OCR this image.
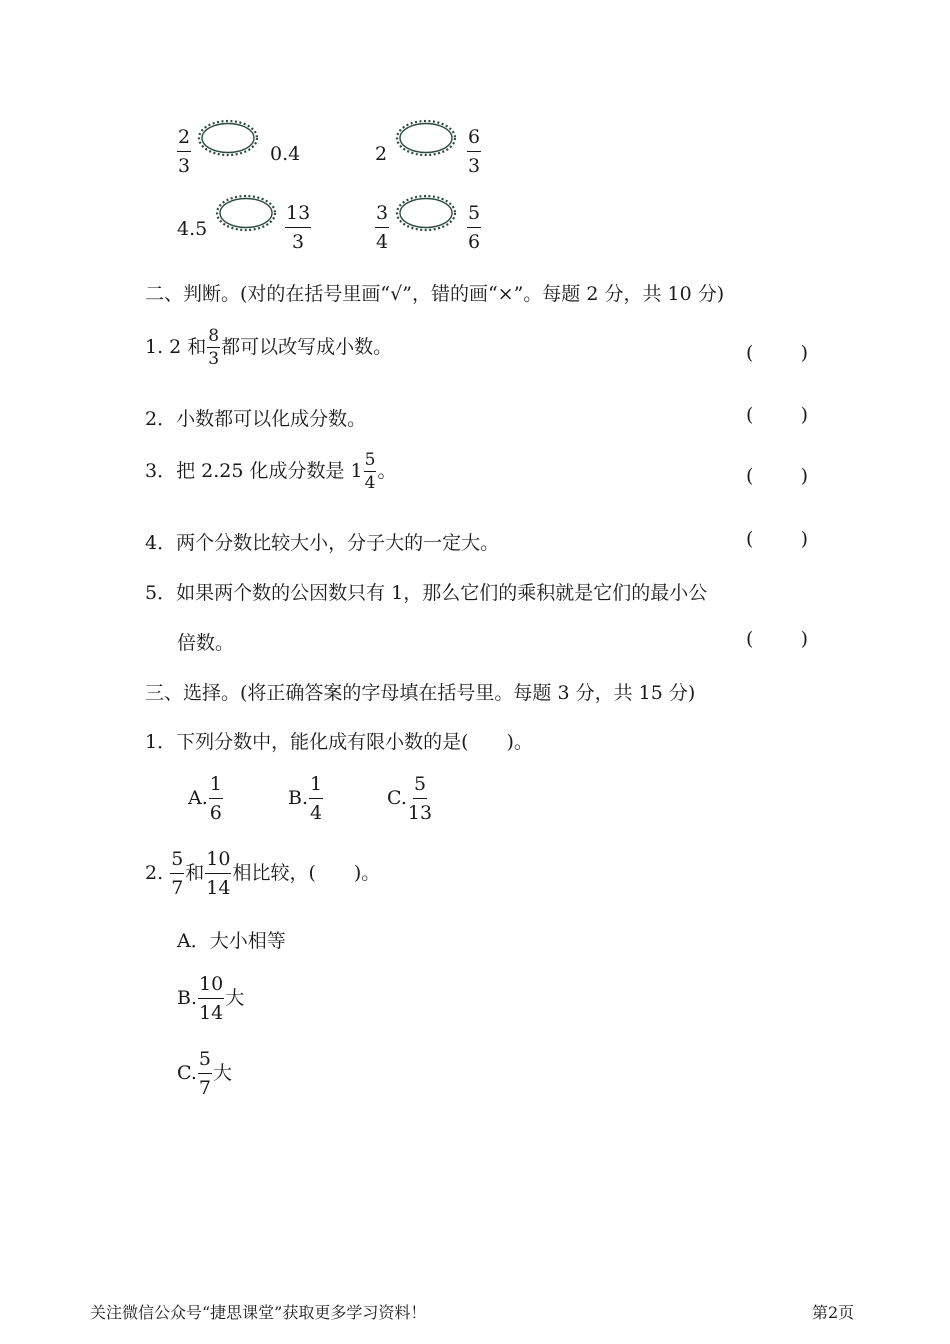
$\frac{2}{3}$	0.4	2	$\frac{6}{3}$
4.5	$\frac{13}{3}$	$\frac{3}{4}$	$\frac{5}{6}$
二、判断。(对的在括号里画“√”，错的画“×”。每题 2 分，共 10 分)
1. 2 和 $\frac{8}{3}$ 都可以改写成小数。	( )
2．小数都可以化成分数。	( )
3．把 2.25 化成分数是 $1 \frac{5}{4}$ 。	( )
4．两个分数比较大小，分子大的一定大。	( )
5．如果两个数的公因数只有 1，那么它们的乘积就是它们的最小公
倍数。	( )
三、选择。(将正确答案的字母填在括号里。每题 3 分，共 15 分)
1．下列分数中，能化成有限小数的是(　　)。
A. $\frac{1}{6}$	B. $\frac{1}{4}$	C. $\frac{5}{13}$
2. $\frac{5}{7}$ 和 $\frac{10}{14}$ 相比较，(　　)。
A．大小相等
B. $\frac{10}{14}$ 大
C. $\frac{5}{7}$ 大
关注微信公众号“捷思课堂”获取更多学习资料！	第2页
